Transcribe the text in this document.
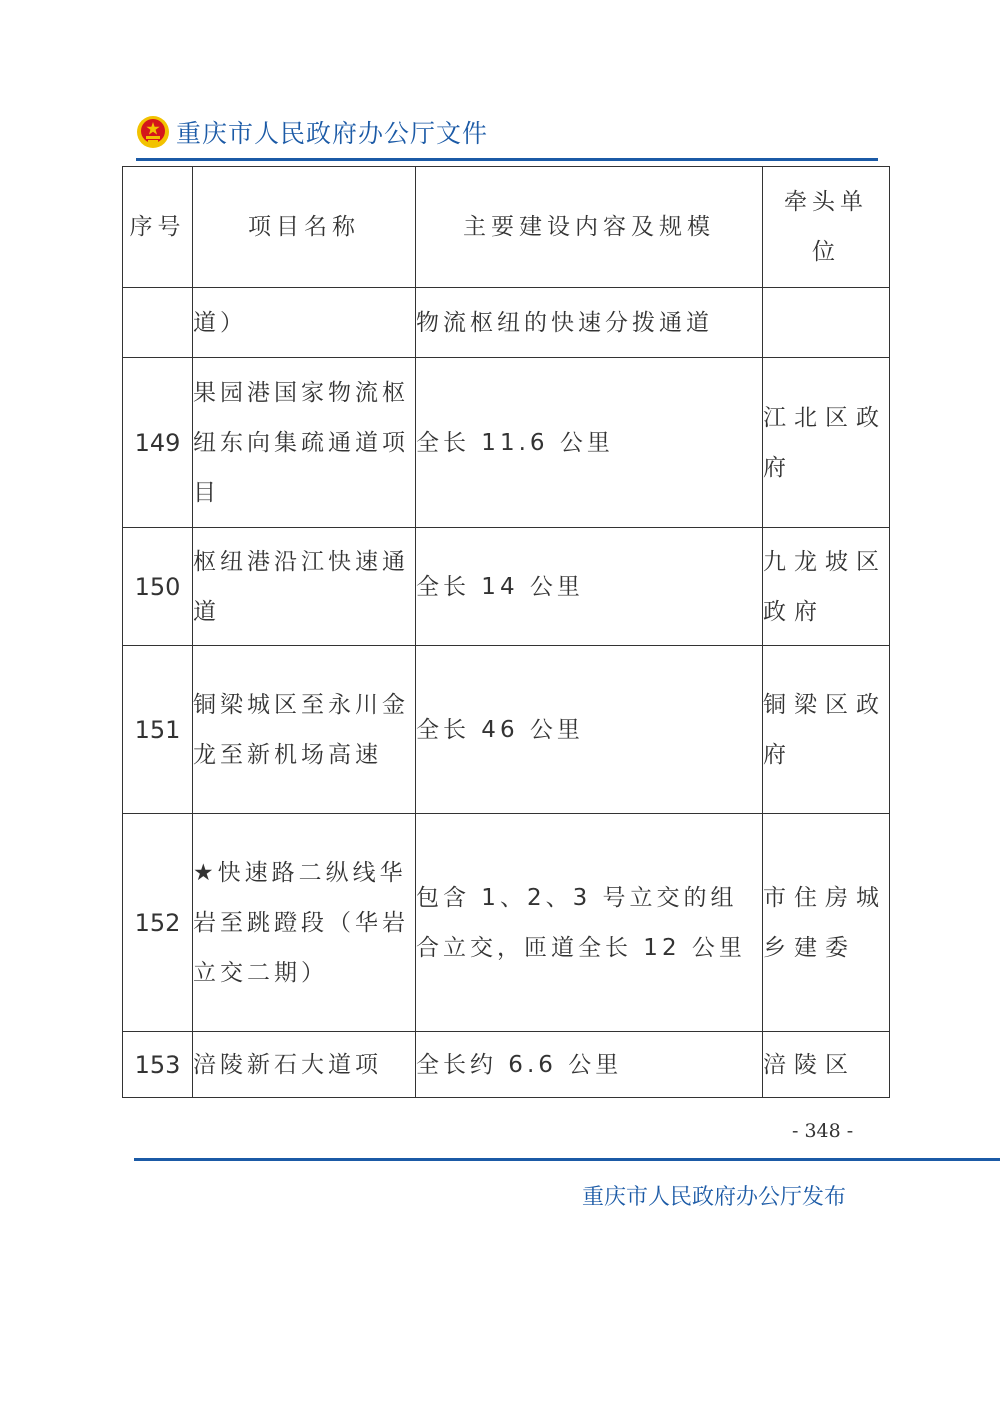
重庆市人民政府办公厅文件
序号	项目名称	主要建设内容及规模	牵头单位
	道）	物流枢纽的快速分拨通道	
149	果园港国家物流枢纽东向集疏通道项目	全长 11.6 公里	江北区政府
150	枢纽港沿江快速通道	全长 14 公里	九龙坡区政府
151	铜梁城区至永川金龙至新机场高速	全长 46 公里	铜梁区政府
152	★快速路二纵线华岩至跳蹬段（华岩立交二期）	包含 1、2、3 号立交的组合立交，匝道全长 12 公里	市住房城乡建委
153	涪陵新石大道项	全长约 6.6 公里	涪陵区
- 348 -
重庆市人民政府办公厅发布
